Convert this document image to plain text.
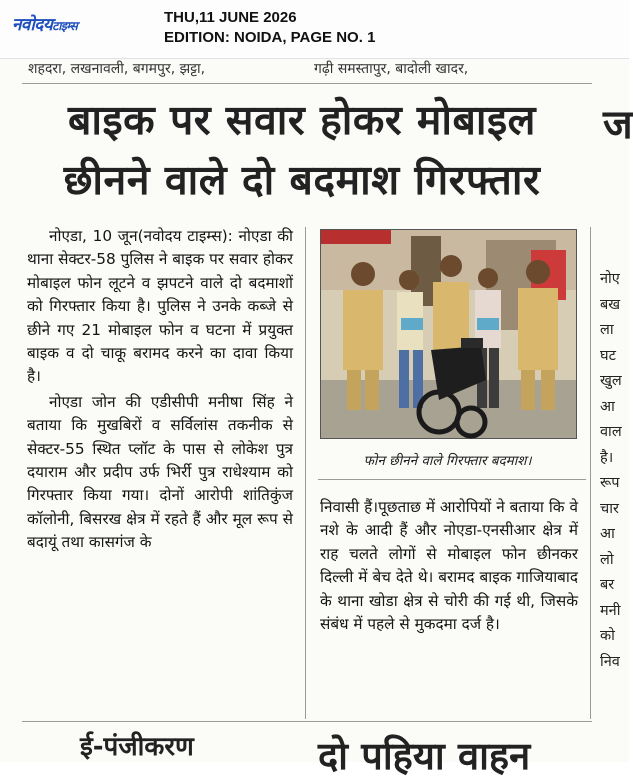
नवोदयटाइम्स	THU,11 JUNE 2026
EDITION: NOIDA, PAGE NO. 1
शहदरा, लखनावली, बगमपुर, झट्टा,	गढ़ी समस्तापुर, बादोली खादर,
बाइक पर सवार होकर मोबाइल
छीनने वाले दो बदमाश गिरफ्तार
ज

नोएडा, 10 जून(नवोदय टाइम्स): नोएडा की थाना सेक्टर-58 पुलिस ने बाइक पर सवार होकर मोबाइल फोन लूटने व झपटने वाले दो बदमाशों को गिरफ्तार किया है। पुलिस ने उनके कब्जे से छीने गए 21 मोबाइल फोन व घटना में प्रयुक्त बाइक व दो चाकू बरामद करने का दावा किया है।

नोएडा जोन की एडीसीपी मनीषा सिंह ने बताया कि मुखबिरों व सर्विलांस तकनीक से सेक्टर-55 स्थित प्लॉट के पास से लोकेश पुत्र दयाराम और प्रदीप उर्फ भिर्री पुत्र राधेश्याम को गिरफ्तार किया गया। दोनों आरोपी शांतिकुंज कॉलोनी, बिसरख क्षेत्र में रहते हैं और मूल रूप से बदायूं तथा कासगंज के

फोन छीनने वाले गिरफ्तार बदमाश।

निवासी हैं।पूछताछ में आरोपियों ने बताया कि वे नशे के आदी हैं और नोएडा-एनसीआर क्षेत्र में राह चलते लोगों से मोबाइल फोन छीनकर दिल्ली में बेच देते थे। बरामद बाइक गाजियाबाद के थाना खोडा क्षेत्र से चोरी की गई थी, जिसके संबंध में पहले से मुकदमा दर्ज है।

नोए
बख
ला
घट
खुल
आ
वाल
है।
रूप
चार
आ
लो
बर
मनी
को
निव
ई-पंजीकरण	दो पहिया वाहन
